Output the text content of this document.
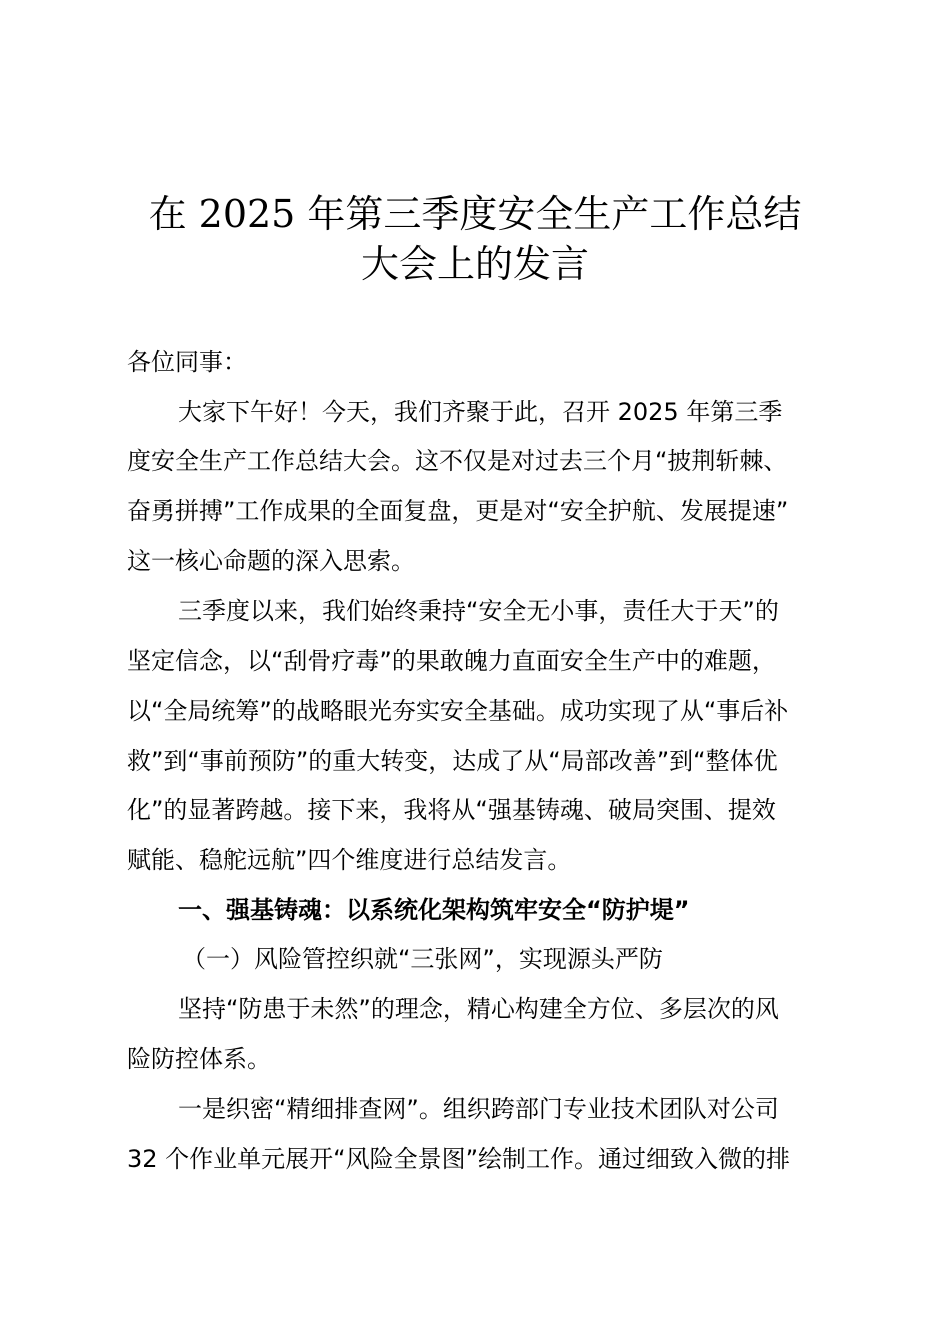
在 2025 年第三季度安全生产工作总结
大会上的发言
各位同事：
大家下午好！今天，我们齐聚于此，召开 2025 年第三季
度安全生产工作总结大会。这不仅是对过去三个月“披荆斩棘、
奋勇拼搏”工作成果的全面复盘，更是对“安全护航、发展提速”
这一核心命题的深入思索。
三季度以来，我们始终秉持“安全无小事，责任大于天”的
坚定信念，以“刮骨疗毒”的果敢魄力直面安全生产中的难题，
以“全局统筹”的战略眼光夯实安全基础。成功实现了从“事后补
救”到“事前预防”的重大转变，达成了从“局部改善”到“整体优
化”的显著跨越。接下来，我将从“强基铸魂、破局突围、提效
赋能、稳舵远航”四个维度进行总结发言。
一、强基铸魂：以系统化架构筑牢安全“防护堤”
（一）风险管控织就“三张网”，实现源头严防
坚持“防患于未然”的理念，精心构建全方位、多层次的风
险防控体系。
一是织密“精细排查网”。组织跨部门专业技术团队对公司
32 个作业单元展开“风险全景图”绘制工作。通过细致入微的排
